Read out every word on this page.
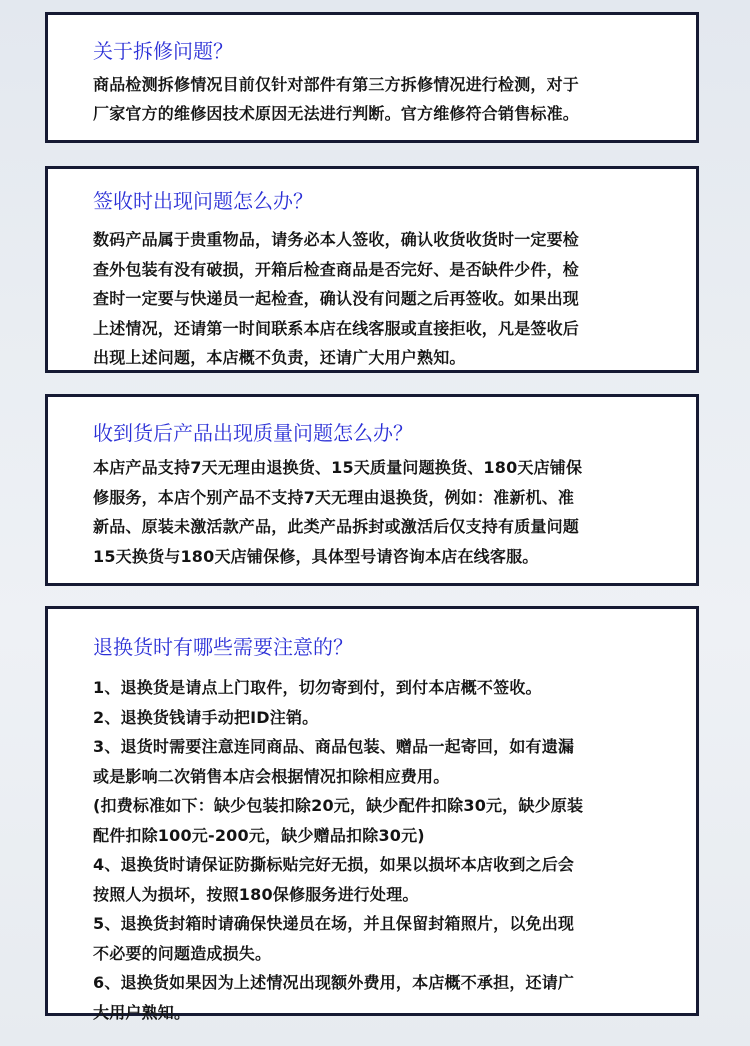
关于拆修问题？
商品检测拆修情况目前仅针对部件有第三方拆修情况进行检测，对于
厂家官方的维修因技术原因无法进行判断。官方维修符合销售标准。
签收时出现问题怎么办？
数码产品属于贵重物品，请务必本人签收，确认收货收货时一定要检
查外包装有没有破损，开箱后检查商品是否完好、是否缺件少件，检
查时一定要与快递员一起检查，确认没有问题之后再签收。如果出现
上述情况，还请第一时间联系本店在线客服或直接拒收，凡是签收后
出现上述问题，本店概不负责，还请广大用户熟知。
收到货后产品出现质量问题怎么办？
本店产品支持7天无理由退换货、15天质量问题换货、180天店铺保
修服务，本店个别产品不支持7天无理由退换货，例如：准新机、准
新品、原装未激活款产品，此类产品拆封或激活后仅支持有质量问题
15天换货与180天店铺保修，具体型号请咨询本店在线客服。
退换货时有哪些需要注意的？
1、退换货是请点上门取件，切勿寄到付，到付本店概不签收。
2、退换货钱请手动把ID注销。
3、退货时需要注意连同商品、商品包装、赠品一起寄回，如有遗漏
或是影响二次销售本店会根据情况扣除相应费用。
(扣费标准如下：缺少包装扣除20元，缺少配件扣除30元，缺少原装
配件扣除100元-200元，缺少赠品扣除30元)
4、退换货时请保证防撕标贴完好无损，如果以损坏本店收到之后会
按照人为损坏，按照180保修服务进行处理。
5、退换货封箱时请确保快递员在场，并且保留封箱照片，以免出现
不必要的问题造成损失。
6、退换货如果因为上述情况出现额外费用，本店概不承担，还请广
大用户熟知。
